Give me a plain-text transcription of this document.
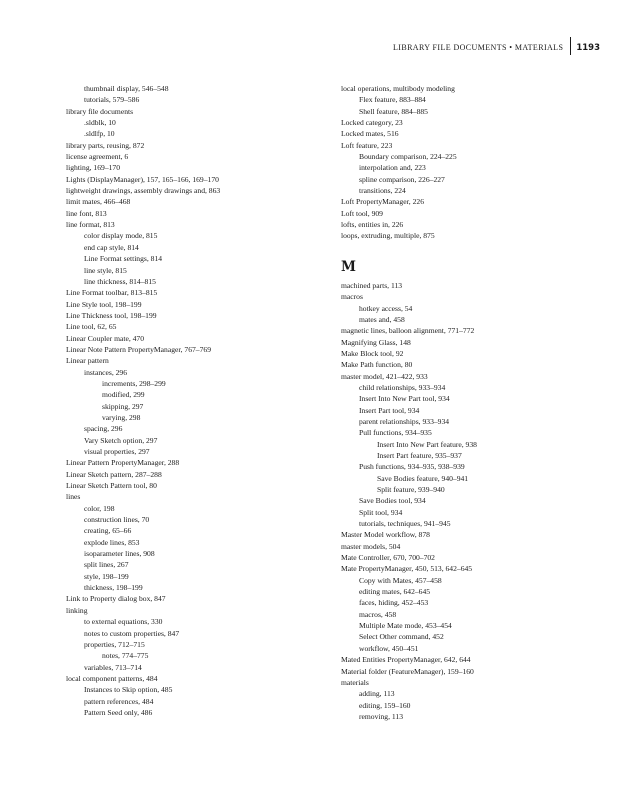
LIBRARY FILE DOCUMENTS • MATERIALS 1193
thumbnail display, 546–548
tutorials, 579–586
library file documents
.sldblk, 10
.sldlfp, 10
library parts, reusing, 872
license agreement, 6
lighting, 169–170
Lights (DisplayManager), 157, 165–166, 169–170
lightweight drawings, assembly drawings and, 863
limit mates, 466–468
line font, 813
line format, 813
color display mode, 815
end cap style, 814
Line Format settings, 814
line style, 815
line thickness, 814–815
Line Format toolbar, 813–815
Line Style tool, 198–199
Line Thickness tool, 198–199
Line tool, 62, 65
Linear Coupler mate, 470
Linear Note Pattern PropertyManager, 767–769
Linear pattern
instances, 296
increments, 298–299
modified, 299
skipping, 297
varying, 298
spacing, 296
Vary Sketch option, 297
visual properties, 297
Linear Pattern PropertyManager, 288
Linear Sketch pattern, 287–288
Linear Sketch Pattern tool, 80
lines
color, 198
construction lines, 70
creating, 65–66
explode lines, 853
isoparameter lines, 908
split lines, 267
style, 198–199
thickness, 198–199
Link to Property dialog box, 847
linking
to external equations, 330
notes to custom properties, 847
properties, 712–715
notes, 774–775
variables, 713–714
local component patterns, 484
Instances to Skip option, 485
pattern references, 484
Pattern Seed only, 486
local operations, multibody modeling
Flex feature, 883–884
Shell feature, 884–885
Locked category, 23
Locked mates, 516
Loft feature, 223
Boundary comparison, 224–225
interpolation and, 223
spline comparison, 226–227
transitions, 224
Loft PropertyManager, 226
Loft tool, 909
lofts, entities in, 226
loops, extruding, multiple, 875
M
machined parts, 113
macros
hotkey access, 54
mates and, 458
magnetic lines, balloon alignment, 771–772
Magnifying Glass, 148
Make Block tool, 92
Make Path function, 80
master model, 421–422, 933
child relationships, 933–934
Insert Into New Part tool, 934
Insert Part tool, 934
parent relationships, 933–934
Pull functions, 934–935
Insert Into New Part feature, 938
Insert Part feature, 935–937
Push functions, 934–935, 938–939
Save Bodies feature, 940–941
Split feature, 939–940
Save Bodies tool, 934
Split tool, 934
tutorials, techniques, 941–945
Master Model workflow, 878
master models, 504
Mate Controller, 670, 700–702
Mate PropertyManager, 450, 513, 642–645
Copy with Mates, 457–458
editing mates, 642–645
faces, hiding, 452–453
macros, 458
Multiple Mate mode, 453–454
Select Other command, 452
workflow, 450–451
Mated Entities PropertyManager, 642, 644
Material folder (FeatureManager), 159–160
materials
adding, 113
editing, 159–160
removing, 113
